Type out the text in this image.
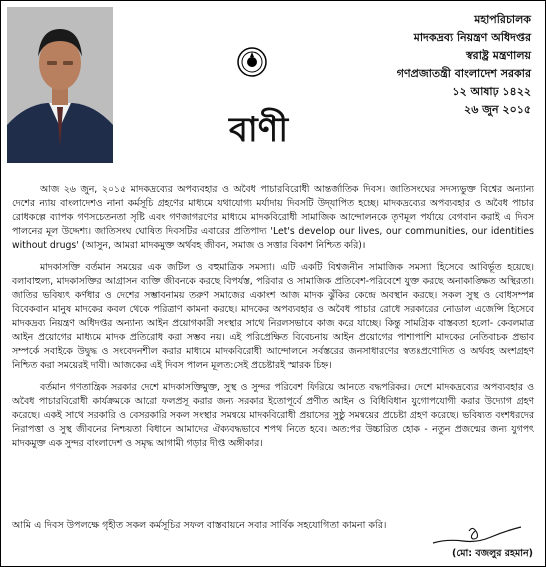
বাণী
মহাপরিচালক
মাদকদ্রব্য নিয়ন্ত্রণ অধিদপ্তর
স্বরাষ্ট্র মন্ত্রণালয়
গণপ্রজাতন্ত্রী বাংলাদেশ সরকার
১২ আষাঢ় ১৪২২
২৬ জুন ২০১৫

আজ ২৬ জুন, ২০১৫ মাদকদ্রব্যের অপব্যবহার ও অবৈধ পাচারবিরোধী আন্তর্জাতিক দিবস। জাতিসংঘের সদস্যভুক্ত বিশ্বের অন্যান্য দেশের ন্যায় বাংলাদেশও নানা কর্মসূচি গ্রহণের মাধ্যমে যথাযোগ্য মর্যাদায় দিবসটি উদ্‌যাপিত হচ্ছে। মাদকদ্রব্যের অপব্যবহার ও অবৈধ পাচার রোধকল্পে ব্যাপক গণসচেতনতা সৃষ্টি এবং গণজাগরণের মাধ্যমে মাদকবিরোধী সামাজিক আন্দোলনকে তৃণমূল পর্যায়ে বেগবান করাই এ দিবস পালনের মূল উদ্দেশ্য। জাতিসংঘ ঘোষিত দিবসটির এবারের প্রতিপাদ্য 'Let's develop our lives, our communities, our identities without drugs' (আসুন, আমরা মাদকমুক্ত অর্থবহ জীবন, সমাজ ও সত্তার বিকাশ নিশ্চিত করি)।

মাদকাসক্তি বর্তমান সময়ের এক জটিল ও বহুমাত্রিক সমস্যা। এটি একটি বিশ্বজনীন সামাজিক সমস্যা হিসেবে আবির্ভূত হয়েছে। বলাবাহুল্য, মাদকাসক্তির আগ্রাসন ব্যক্তি জীবনকে করছে বিপর্যস্ত, পরিবার ও সামাজিক প্রতিবেশ-পরিবেশে যুক্ত করছে অনাকাঙ্ক্ষিত অস্থিরতা। জাতির ভবিষ্যৎ কর্ণধার ও দেশের সম্ভাবনাময় তরুণ সমাজের একাংশ আজ মাদক ঝুঁকির কেন্দ্রে অবস্থান করছে। সকল সুস্থ ও বোধসম্পন্ন বিবেকবান মানুষ মাদকের কবল থেকে পরিত্রাণ কামনা করছে। মাদকের অপব্যবহার ও অবৈধ পাচার রোধে সরকারের নোডাল এজেন্সি হিসেবে মাদকদ্রব্য নিয়ন্ত্রণ অধিদপ্তর অন্যান্য আইন প্রয়োগকারী সংস্থার সাথে নিরলসভাবে কাজ করে যাচ্ছে। কিন্তু সামগ্রিক বাস্তবতা হলো- কেবলমাত্র আইন প্রয়োগের মাধ্যমে মাদক প্রতিরোধ করা সম্ভব নয়। এই পরিপ্রেক্ষিত বিবেচনায় আইন প্রয়োগের পাশাপাশি মাদকের নেতিবাচক প্রভাব সম্পর্কে সবাইকে উদ্বুদ্ধ ও সংবেদনশীল করার মাধ্যমে মাদকবিরোধী আন্দোলনে সর্বস্তরের জনসাধারণের স্বতঃপ্রণোদিত ও অর্থবহ অংশগ্রহণ নিশ্চিত করা সময়েরই দাবী। আজকের এই দিবস পালন মূলত:সেই প্রচেষ্টারই স্মারক চিহ্ন।

বর্তমান গণতান্ত্রিক সরকার দেশে মাদকাসক্তিমুক্ত, সুস্থ ও সুন্দর পরিবেশ ফিরিয়ে আনতে বদ্ধপরিকর। দেশে মাদকদ্রব্যের অপব্যবহার ও অবৈধ পাচারবিরোধী কার্যক্রমকে আরো ফলপ্রসূ করার জন্য সরকার ইতোপূর্বে প্রণীত আইন ও বিধিবিধান যুগোপযোগী করার উদ্যোগ গ্রহণ করেছে। একই সাথে সরকারি ও বেসরকারি সকল সংস্থার সমন্বয়ে মাদকবিরোধী প্রয়াসের সুষ্ঠু সমন্বয়ের প্রচেষ্টা গ্রহণ করেছে। ভবিষ্যত বংশধরদের নিরাপত্তা ও সুস্থ জীবনের নিশ্চয়তা বিধানে আমাদের ঐক্যবদ্ধভাবে শপথ নিতে হবে। অত:পর উচ্চারিত হোক - নতুন প্রজন্মের জন্য যুগপৎ মাদকমুক্ত এক সুন্দর বাংলাদেশ ও সমৃদ্ধ আগামী গড়ার দীপ্ত অঙ্গীকার।

আমি এ দিবস উপলক্ষে গৃহীত সকল কর্মসূচির সফল বাস্তবায়নে সবার সার্বিক সহযোগিতা কামনা করি।
(মো: বজলুর রহমান)
